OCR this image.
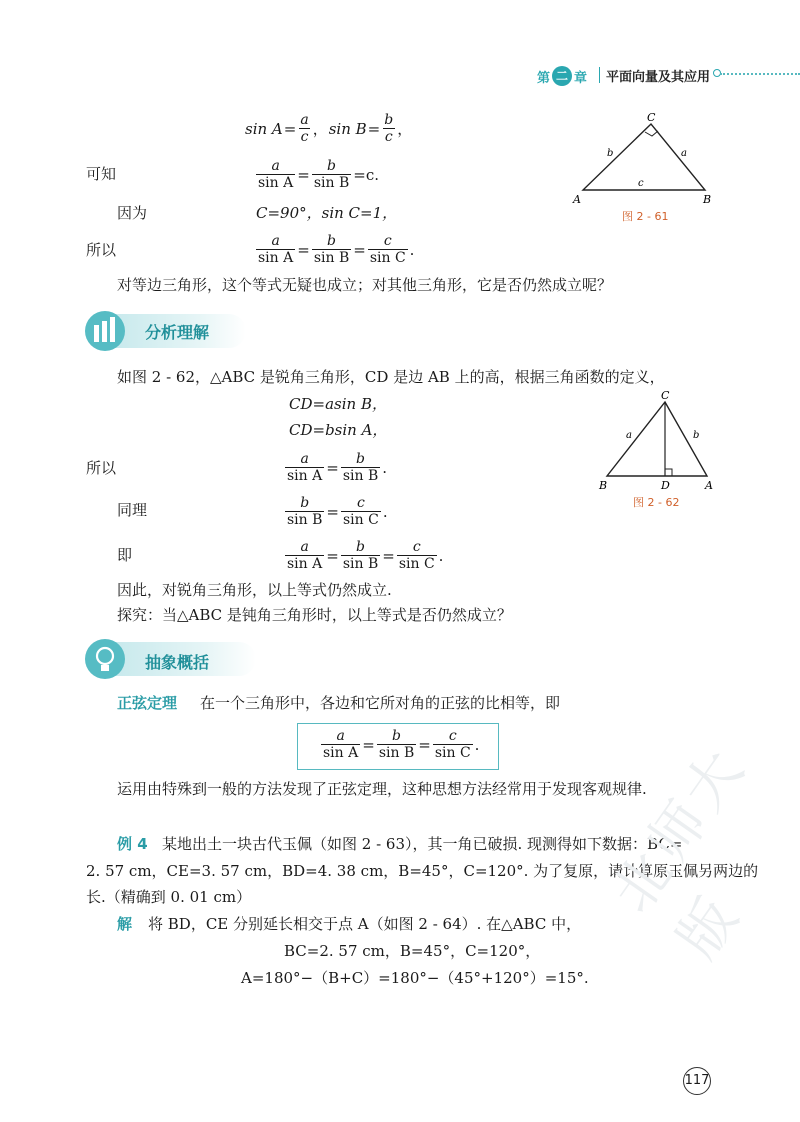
第 二 章 平面向量及其应用
$\sin A = \frac{a}{c}$ ， $\sin B = \frac{b}{c}$ ，
可知	$\frac{a}{\text{sin A}} = \frac{b}{\text{sin B}} =c$.
因为	C=90°，sin C=1，
所以	$\frac{a}{\text{sin A}} = \frac{b}{\text{sin B}} = \frac{c}{\text{sin C}}$ .
对等边三角形，这个等式无疑也成立；对其他三角形，它是否仍然成立呢？
C
A	B
b	a
c
图 2 - 61
分析理解
如图 2 - 62，△ABC 是锐角三角形，CD 是边 AB 上的高，根据三角函数的定义，
CD=asin B，
CD=bsin A，
所以	$\frac{a}{\text{sin A}} = \frac{b}{\text{sin B}}$ .
同理	$\frac{b}{\text{sin B}} = \frac{c}{\text{sin C}}$ .
即	$\frac{a}{\text{sin A}} = \frac{b}{\text{sin B}} = \frac{c}{\text{sin C}}$ .
因此，对锐角三角形，以上等式仍然成立.
探究：当△ABC 是钝角三角形时，以上等式是否仍然成立？
C
B	A
D
a	b
图 2 - 62
抽象概括
正弦定理 在一个三角形中，各边和它所对角的正弦的比相等，即
$\frac{a}{\text{sin A}} = \frac{b}{\text{sin B}} = \frac{c}{\text{sin C}}$ .
运用由特殊到一般的方法发现了正弦定理，这种思想方法经常用于发现客观规律.
例 4 某地出土一块古代玉佩（如图 2 - 63），其一角已破损. 现测得如下数据：BC=
2. 57 cm，CE=3. 57 cm，BD=4. 38 cm，B=45°，C=120°. 为了复原，请计算原玉佩另两边的
长.（精确到 0. 01 cm）
解 将 BD，CE 分别延长相交于点 A（如图 2 - 64）. 在△ABC 中，
BC=2. 57 cm，B=45°，C=120°，
A=180°−（B+C）=180°−（45°+120°）=15°.
北师大版
117
